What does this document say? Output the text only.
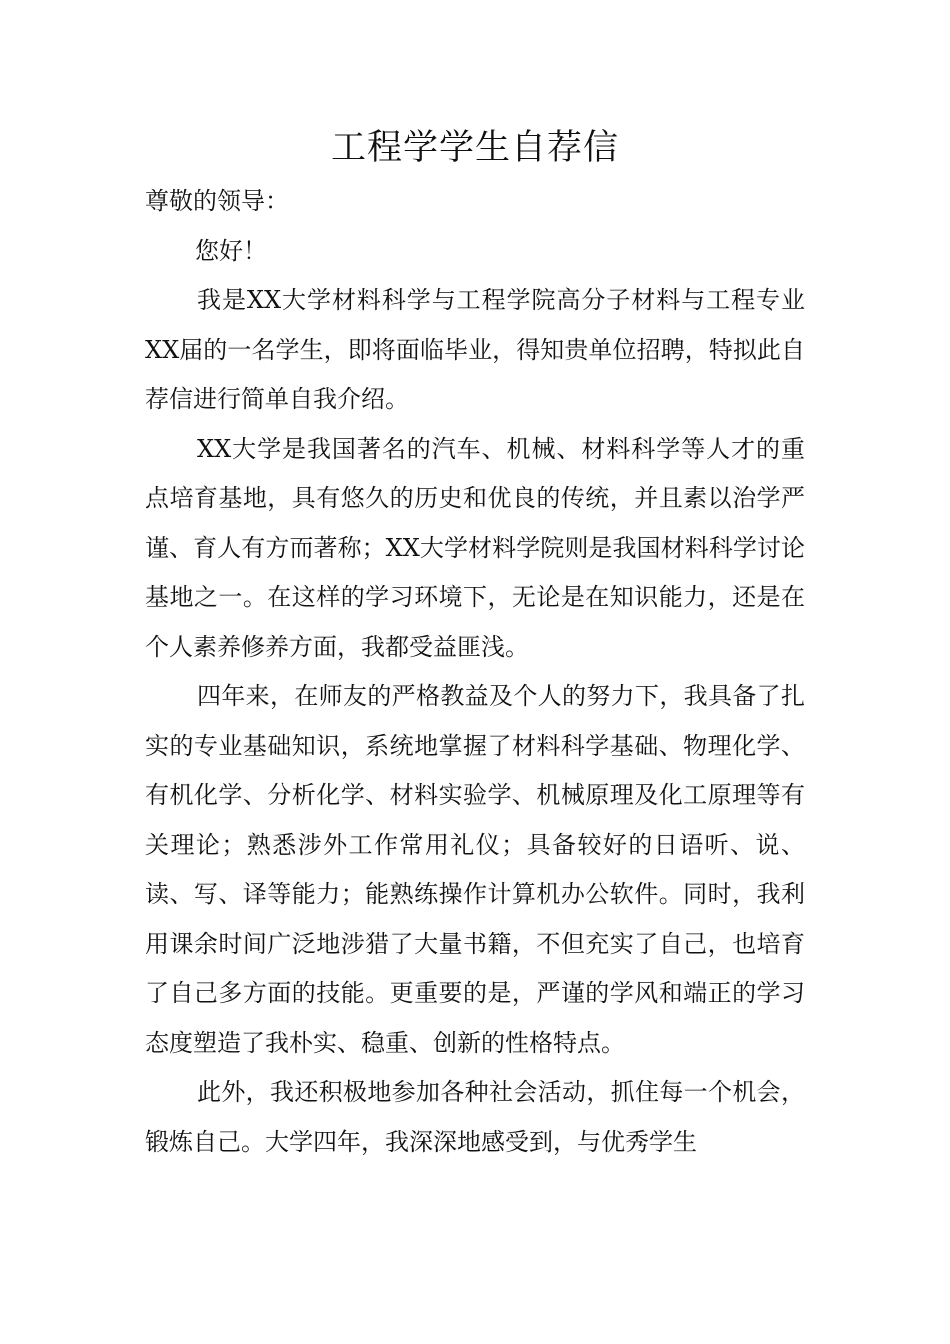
工程学学生自荐信

尊敬的领导：

您好！

我是XX大学材料科学与工程学院高分子材料与工程专业XX届的一名学生，即将面临毕业，得知贵单位招聘，特拟此自荐信进行简单自我介绍。

XX大学是我国著名的汽车、机械、材料科学等人才的重点培育基地，具有悠久的历史和优良的传统，并且素以治学严谨、育人有方而著称；XX大学材料学院则是我国材料科学讨论基地之一。在这样的学习环境下，无论是在知识能力，还是在个人素养修养方面，我都受益匪浅。

四年来，在师友的严格教益及个人的努力下，我具备了扎实的专业基础知识，系统地掌握了材料科学基础、物理化学、有机化学、分析化学、材料实验学、机械原理及化工原理等有关理论；熟悉涉外工作常用礼仪；具备较好的日语听、说、读、写、译等能力；能熟练操作计算机办公软件。同时，我利用课余时间广泛地涉猎了大量书籍，不但充实了自己，也培育了自己多方面的技能。更重要的是，严谨的学风和端正的学习态度塑造了我朴实、稳重、创新的性格特点。

此外，我还积极地参加各种社会活动，抓住每一个机会，锻炼自己。大学四年，我深深地感受到，与优秀学生
